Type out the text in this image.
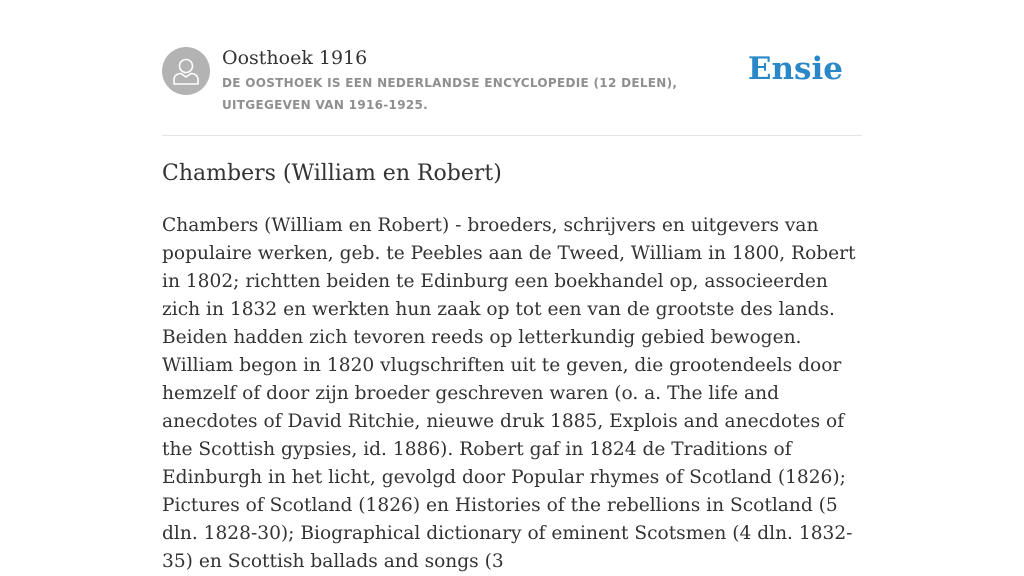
Oosthoek 1916
DE OOSTHOEK IS EEN NEDERLANDSE ENCYCLOPEDIE (12 DELEN), UITGEGEVEN VAN 1916-1925.
Ensie
Chambers (William en Robert)

Chambers (William en Robert) - broeders, schrijvers en uitgevers van populaire werken, geb. te Peebles aan de Tweed, William in 1800, Robert in 1802; richtten beiden te Edinburg een boekhandel op, associeerden zich in 1832 en werkten hun zaak op tot een van de grootste des lands. Beiden hadden zich tevoren reeds op letterkundig gebied bewogen. William begon in 1820 vlugschriften uit te geven, die grootendeels door hemzelf of door zijn broeder geschreven waren (o. a. The life and anecdotes of David Ritchie, nieuwe druk 1885, Explois and anecdotes of the Scottish gypsies, id. 1886). Robert gaf in 1824 de Traditions of Edinburgh in het licht, gevolgd door Popular rhymes of Scotland (1826); Pictures of Scotland (1826) en Histories of the rebellions in Scotland (5 dln. 1828-30); Biographical dictionary of eminent Scotsmen (4 dln. 1832-35) en Scottish ballads and songs (3
